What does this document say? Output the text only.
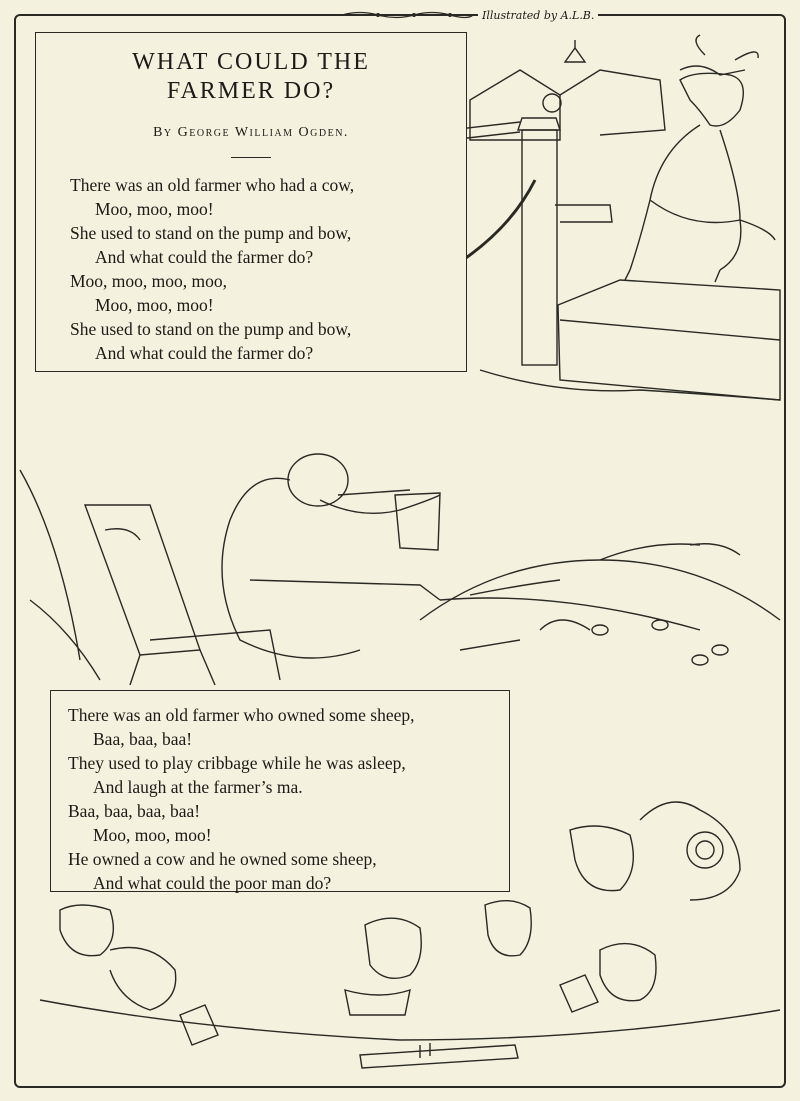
Illustrated by A.L.B.
WHAT COULD THE
FARMER DO?
By George William Ogden.
There was an old farmer who had a cow,
Moo, moo, moo!
She used to stand on the pump and bow,
And what could the farmer do?
Moo, moo, moo, moo,
Moo, moo, moo!
She used to stand on the pump and bow,
And what could the farmer do?
There was an old farmer who owned some sheep,
Baa, baa, baa!
They used to play cribbage while he was asleep,
And laugh at the farmer’s ma.
Baa, baa, baa, baa!
Moo, moo, moo!
He owned a cow and he owned some sheep,
And what could the poor man do?
